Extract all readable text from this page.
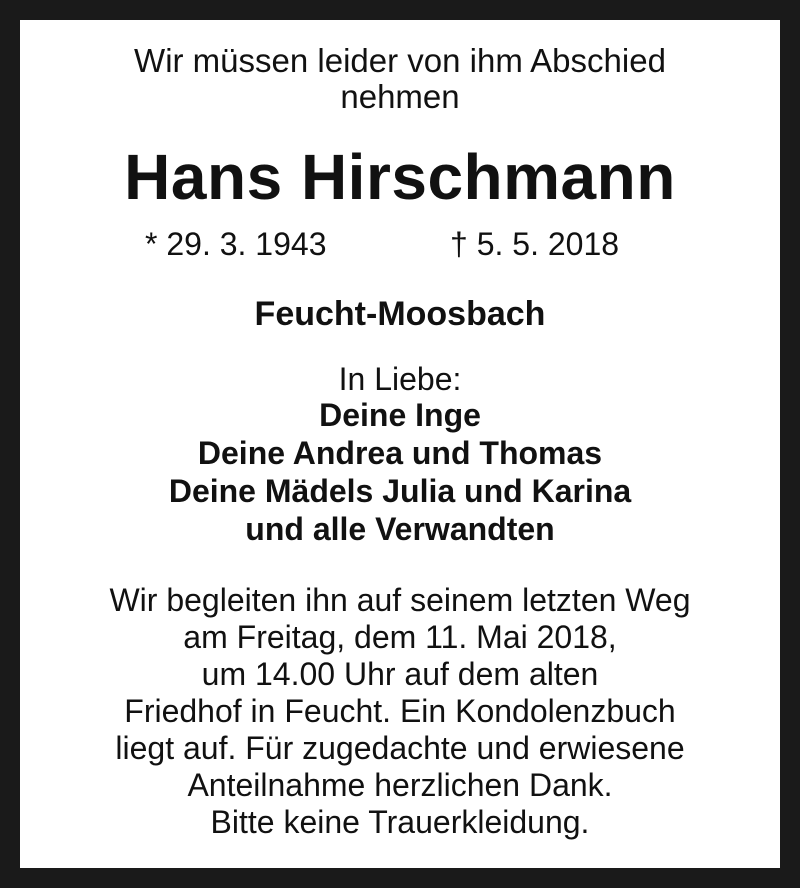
Wir müssen leider von ihm Abschied

nehmen

Hans Hirschmann

* 29. 3. 1943	† 5. 5. 2018

Feucht-Moosbach

In Liebe:

Deine Inge

Deine Andrea und Thomas

Deine Mädels Julia und Karina

und alle Verwandten

Wir begleiten ihn auf seinem letzten Weg

am Freitag, dem 11. Mai 2018,

um 14.00 Uhr auf dem alten

Friedhof in Feucht. Ein Kondolenzbuch

liegt auf. Für zugedachte und erwiesene

Anteilnahme herzlichen Dank.

Bitte keine Trauerkleidung.
